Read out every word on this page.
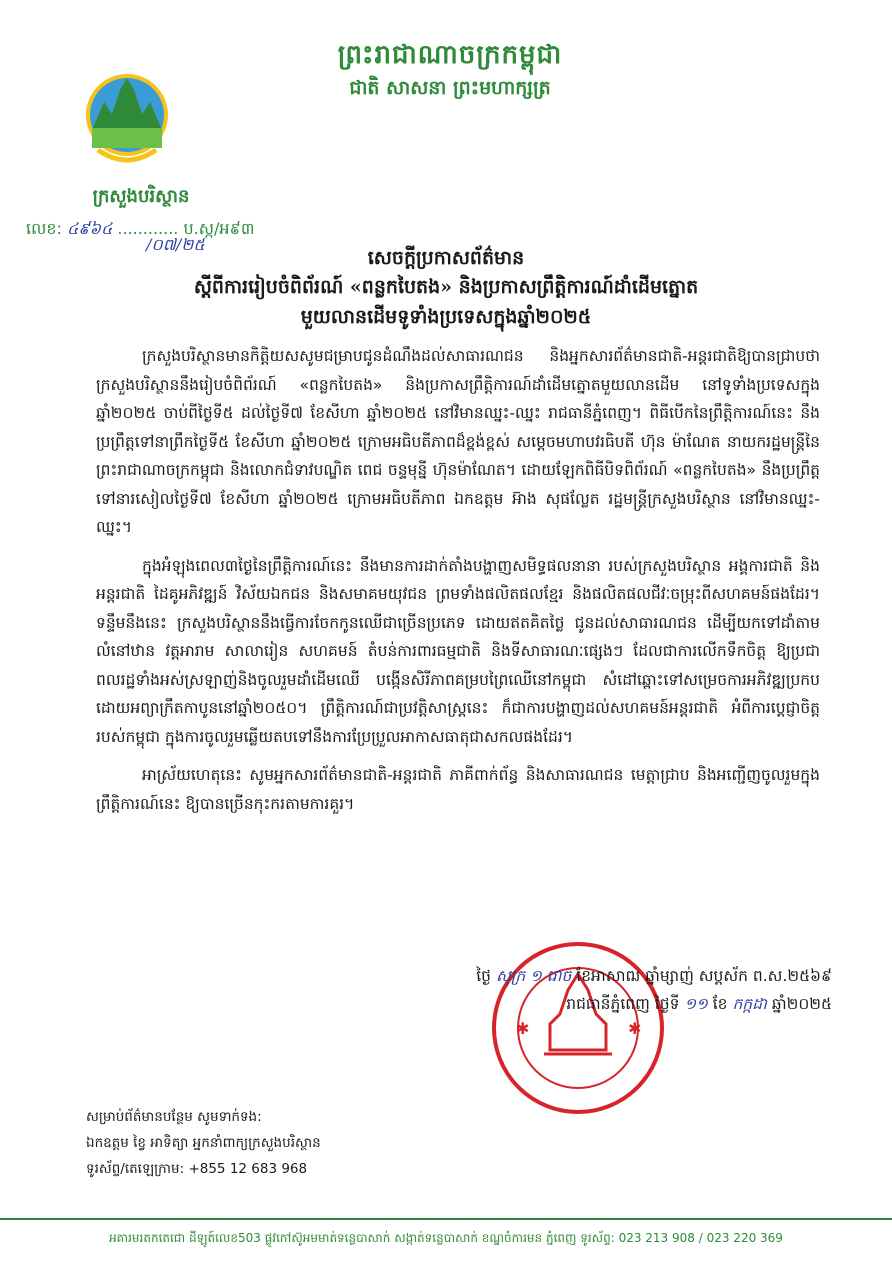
ព្រះរាជាណាចក្រកម្ពុជា
ជាតិ សាសនា ព្រះមហាក្សត្រ
ក្រសួងបរិស្ថាន
លេខ: ៤៩៦៤ ............ ប.ស្ក/អ៩៣
/០៧/២៥
សេចក្តីប្រកាសព័ត៌មាន
ស្តីពីការរៀបចំពិព័រណ៍ «ពន្លកបៃតង» និងប្រកាសព្រឹត្តិការណ៍ដាំដើមត្នោត
មួយលានដើមទូទាំងប្រទេសក្នុងឆ្នាំ២០២៥

ក្រសួងបរិស្ថានមានកិត្តិយសសូមជម្រាបជូនដំណឹងដល់សាធារណជន និងអ្នកសារព័ត៌មានជាតិ-អន្តរជាតិឱ្យបានជ្រាបថា ក្រសួងបរិស្ថាននឹងរៀបចំពិព័រណ៍ «ពន្លកបៃតង» និងប្រកាសព្រឹត្តិការណ៍ដាំដើមត្នោតមួយលានដើម នៅទូទាំងប្រទេសក្នុងឆ្នាំ២០២៥ ចាប់ពីថ្ងៃទី៥ ដល់ថ្ងៃទី៧ ខែសីហា ឆ្នាំ២០២៥ នៅវិមានឈ្នះ-ឈ្នះ រាជធានីភ្នំពេញ។ ពិធីបើកនៃព្រឹត្តិការណ៍នេះ នឹងប្រព្រឹត្តទៅនាព្រឹកថ្ងៃទី៥ ខែសីហា ឆ្នាំ២០២៥ ក្រោមអធិបតីភាពដ៏ខ្ពង់ខ្ពស់ សម្តេចមហាបវរធិបតី ហ៊ុន ម៉ាណែត នាយករដ្ឋមន្ត្រីនៃព្រះរាជាណាចក្រកម្ពុជា និងលោកជំទាវបណ្ឌិត ពេជ ចន្ទមុន្នី ហ៊ុនម៉ាណែត។ ដោយឡែកពិធីបិទពិព័រណ៍ «ពន្លកបៃតង» នឹងប្រព្រឹត្តទៅនារសៀលថ្ងៃទី៧ ខែសីហា ឆ្នាំ២០២៥ ក្រោមអធិបតីភាព ឯកឧត្តម អ៊ាង សុផល្លែត រដ្ឋមន្ត្រីក្រសួងបរិស្ថាន នៅវិមានឈ្នះ-ឈ្នះ។

ក្នុងអំឡុងពេល៣ថ្ងៃនៃព្រឹត្តិការណ៍នេះ នឹងមានការដាក់តាំងបង្ហាញសមិទ្ធផលនានា របស់ក្រសួងបរិស្ថាន អង្គការជាតិ និងអន្តរជាតិ ដៃគូអភិវឌ្ឍន៍ វិស័យឯកជន និងសមាគមយុវជន ព្រមទាំងផលិតផលខ្មែរ និងផលិតផលជីវៈចម្រុះពីសហគមន៍ផងដែរ។ ទន្ទឹមនឹងនេះ ក្រសួងបរិស្ថាននឹងធ្វើការចែកកូនឈើជាច្រើនប្រភេទ ដោយឥតគិតថ្លៃ ជូនដល់សាធារណជន ដើម្បីយកទៅដាំតាមលំនៅឋាន វត្តអារាម សាលារៀន សហគមន៍ តំបន់ការពារធម្មជាតិ និងទីសាធារណៈផ្សេងៗ ដែលជាការលើកទឹកចិត្ត ឱ្យប្រជាពលរដ្ឋទាំងអស់ស្រឡាញ់និងចូលរួមដាំដើមឈើ បង្កើនសិរីភាពគម្របព្រៃឈើនៅកម្ពុជា សំដៅឆ្ពោះទៅសម្រេចការអភិវឌ្ឍប្រកបដោយអព្យាក្រឹតកាបូននៅឆ្នាំ២០៥០។ ព្រឹត្តិការណ៍ជាប្រវត្តិសាស្ត្រនេះ ក៏ជាការបង្ហាញដល់សហគមន៍អន្តរជាតិ អំពីការប្តេជ្ញាចិត្តរបស់កម្ពុជា ក្នុងការចូលរួមឆ្លើយតបទៅនឹងការប្រែប្រួលអាកាសធាតុជាសកលផងដែរ។

អាស្រ័យហេតុនេះ សូមអ្នកសារព័ត៌មានជាតិ-អន្តរជាតិ ភាគីពាក់ព័ន្ធ និងសាធារណជន មេត្តាជ្រាប និងអញ្ជើញចូលរួមក្នុងព្រឹត្តិការណ៍នេះ ឱ្យបានច្រើនកុះករតាមការគួរ។

✱	✱
ថ្ងៃ សុក្រ ១ រោច ខែអាសាឍ ឆ្នាំម្សាញ់ សប្តស័ក ព.ស.២៥៦៩
រាជធានីភ្នំពេញ ថ្ងៃទី ១១ ខែ កក្កដា ឆ្នាំ២០២៥
សម្រាប់ព័ត៌មានបន្ថែម សូមទាក់ទង:
ឯកឧត្តម ខ្វៃ អាទិត្យា អ្នកនាំពាក្យក្រសួងបរិស្ថាន
ទូរស័ព្ទ/តេឡេក្រាម: +855 12 683 968
អគារមរតកតេជោ ដីឡូត៍លេខ503 ផ្លូវកៅស៊ូអមមាត់ទន្លេបាសាក់ សង្កាត់ទន្លេបាសាក់ ខណ្ឌចំការមន ភ្នំពេញ ទូរស័ព្ទ: 023 213 908 / 023 220 369
